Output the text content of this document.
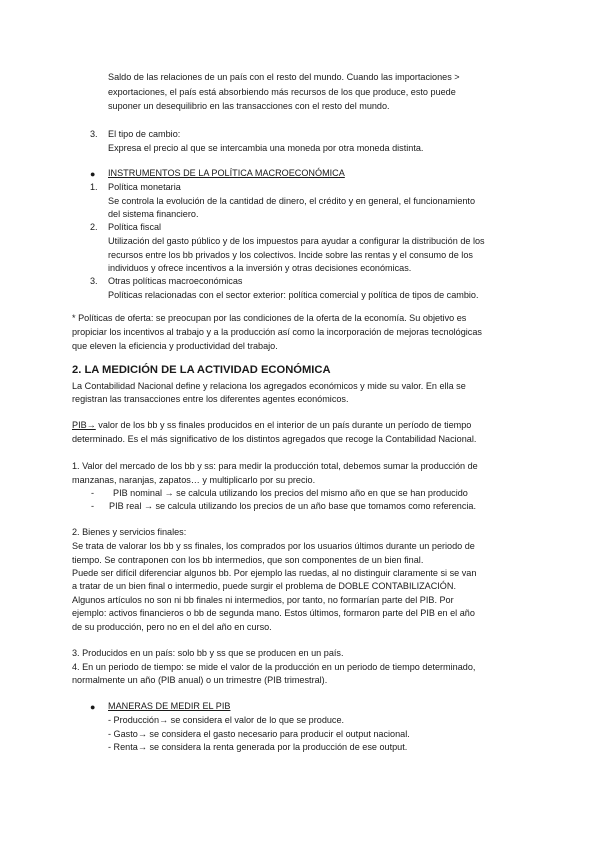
Saldo de las relaciones de un país con el resto del mundo. Cuando las importaciones >
exportaciones, el país está absorbiendo más recursos de los que produce, esto puede
suponer un desequilibrio en las transacciones con el resto del mundo.
3. El tipo de cambio:
Expresa el precio al que se intercambia una moneda por otra moneda distinta.
● INSTRUMENTOS DE LA POLÍTICA MACROECONÓMICA
1. Política monetaria
Se controla la evolución de la cantidad de dinero, el crédito y en general, el funcionamiento
del sistema financiero.
2. Política fiscal
Utilización del gasto público y de los impuestos para ayudar a configurar la distribución de los
recursos entre los bb privados y los colectivos. Incide sobre las rentas y el consumo de los
individuos y ofrece incentivos a la inversión y otras decisiones económicas.
3. Otras políticas macroeconómicas
Políticas relacionadas con el sector exterior: política comercial y política de tipos de cambio.
* Políticas de oferta: se preocupan por las condiciones de la oferta de la economía. Su objetivo es
propiciar los incentivos al trabajo y a la producción así como la incorporación de mejoras tecnológicas
que eleven la eficiencia y productividad del trabajo.
2. LA MEDICIÓN DE LA ACTIVIDAD ECONÓMICA
La Contabilidad Nacional define y relaciona los agregados económicos y mide su valor. En ella se
registran las transacciones entre los diferentes agentes económicos.
PIB→ valor de los bb y ss finales producidos en el interior de un país durante un período de tiempo
determinado. Es el más significativo de los distintos agregados que recoge la Contabilidad Nacional.
1. Valor del mercado de los bb y ss: para medir la producción total, debemos sumar la producción de
manzanas, naranjas, zapatos… y multiplicarlo por su precio.
- PIB nominal → se calcula utilizando los precios del mismo año en que se han producido
- PIB real → se calcula utilizando los precios de un año base que tomamos como referencia.
2. Bienes y servicios finales:
Se trata de valorar los bb y ss finales, los comprados por los usuarios últimos durante un periodo de
tiempo. Se contraponen con los bb intermedios, que son componentes de un bien final.
Puede ser difícil diferenciar algunos bb. Por ejemplo las ruedas, al no distinguir claramente si se van
a tratar de un bien final o intermedio, puede surgir el problema de DOBLE CONTABILIZACIÓN.
Algunos artículos no son ni bb finales ni intermedios, por tanto, no formarían parte del PIB. Por
ejemplo: activos financieros o bb de segunda mano. Estos últimos, formaron parte del PIB en el año
de su producción, pero no en el del año en curso.
3. Producidos en un país: solo bb y ss que se producen en un país.
4. En un periodo de tiempo: se mide el valor de la producción en un periodo de tiempo determinado,
normalmente un año (PIB anual) o un trimestre (PIB trimestral).
● MANERAS DE MEDIR EL PIB
- Producción→ se considera el valor de lo que se produce.
- Gasto→ se considera el gasto necesario para producir el output nacional.
- Renta→ se considera la renta generada por la producción de ese output.
